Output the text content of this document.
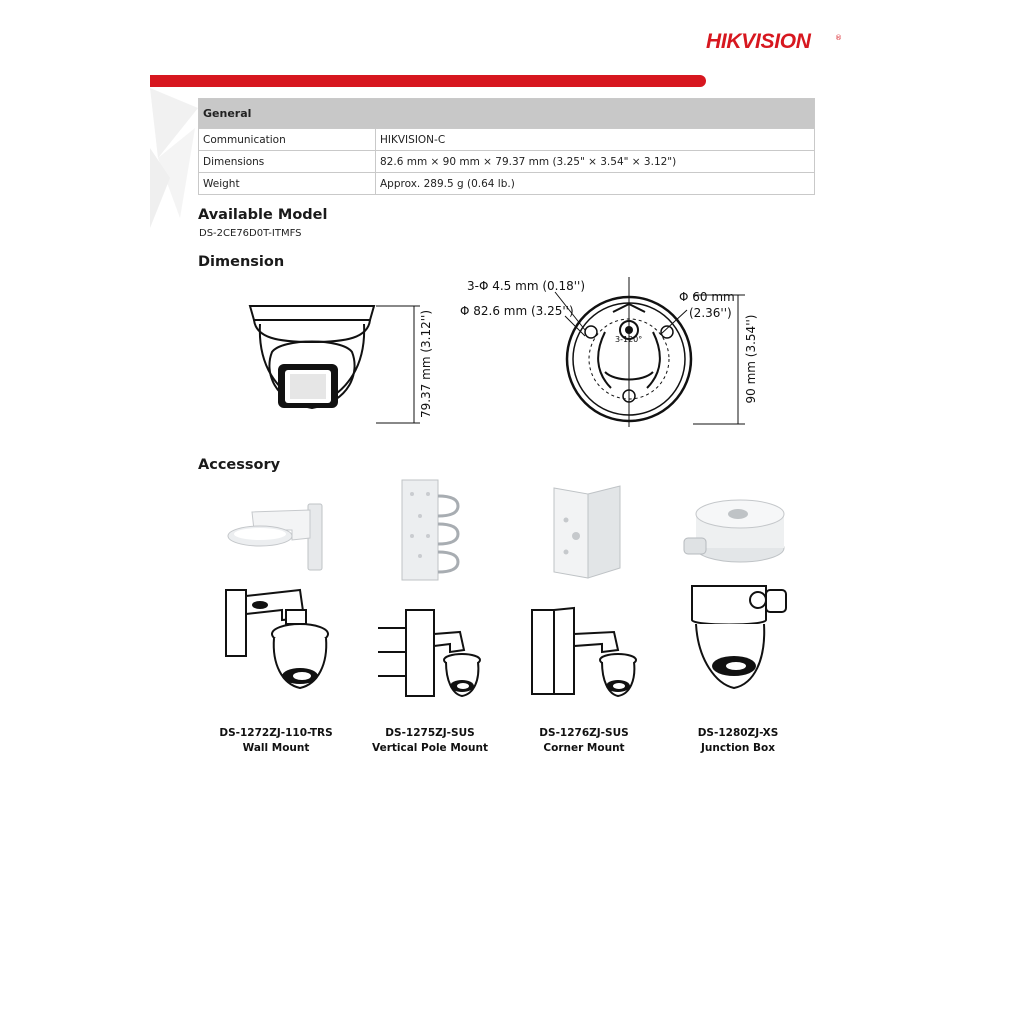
HIKVISION	®
General	
Communication	HIKVISION-C
Dimensions	82.6 mm × 90 mm × 79.37 mm (3.25" × 3.54" × 3.12")
Weight	Approx. 289.5 g (0.64 lb.)
Available Model
DS-2CE76D0T-ITMFS
Dimension
79.37 mm (3.12'')
3-Φ 4.5 mm (0.18'')
Φ 82.6 mm (3.25'')
Φ 60 mm
(2.36'')
3-120°	90 mm (3.54'')
Accessory
DS-1272ZJ-110-TRS
Wall Mount
DS-1275ZJ-SUS
Vertical Pole Mount
DS-1276ZJ-SUS
Corner Mount
DS-1280ZJ-XS
Junction Box
